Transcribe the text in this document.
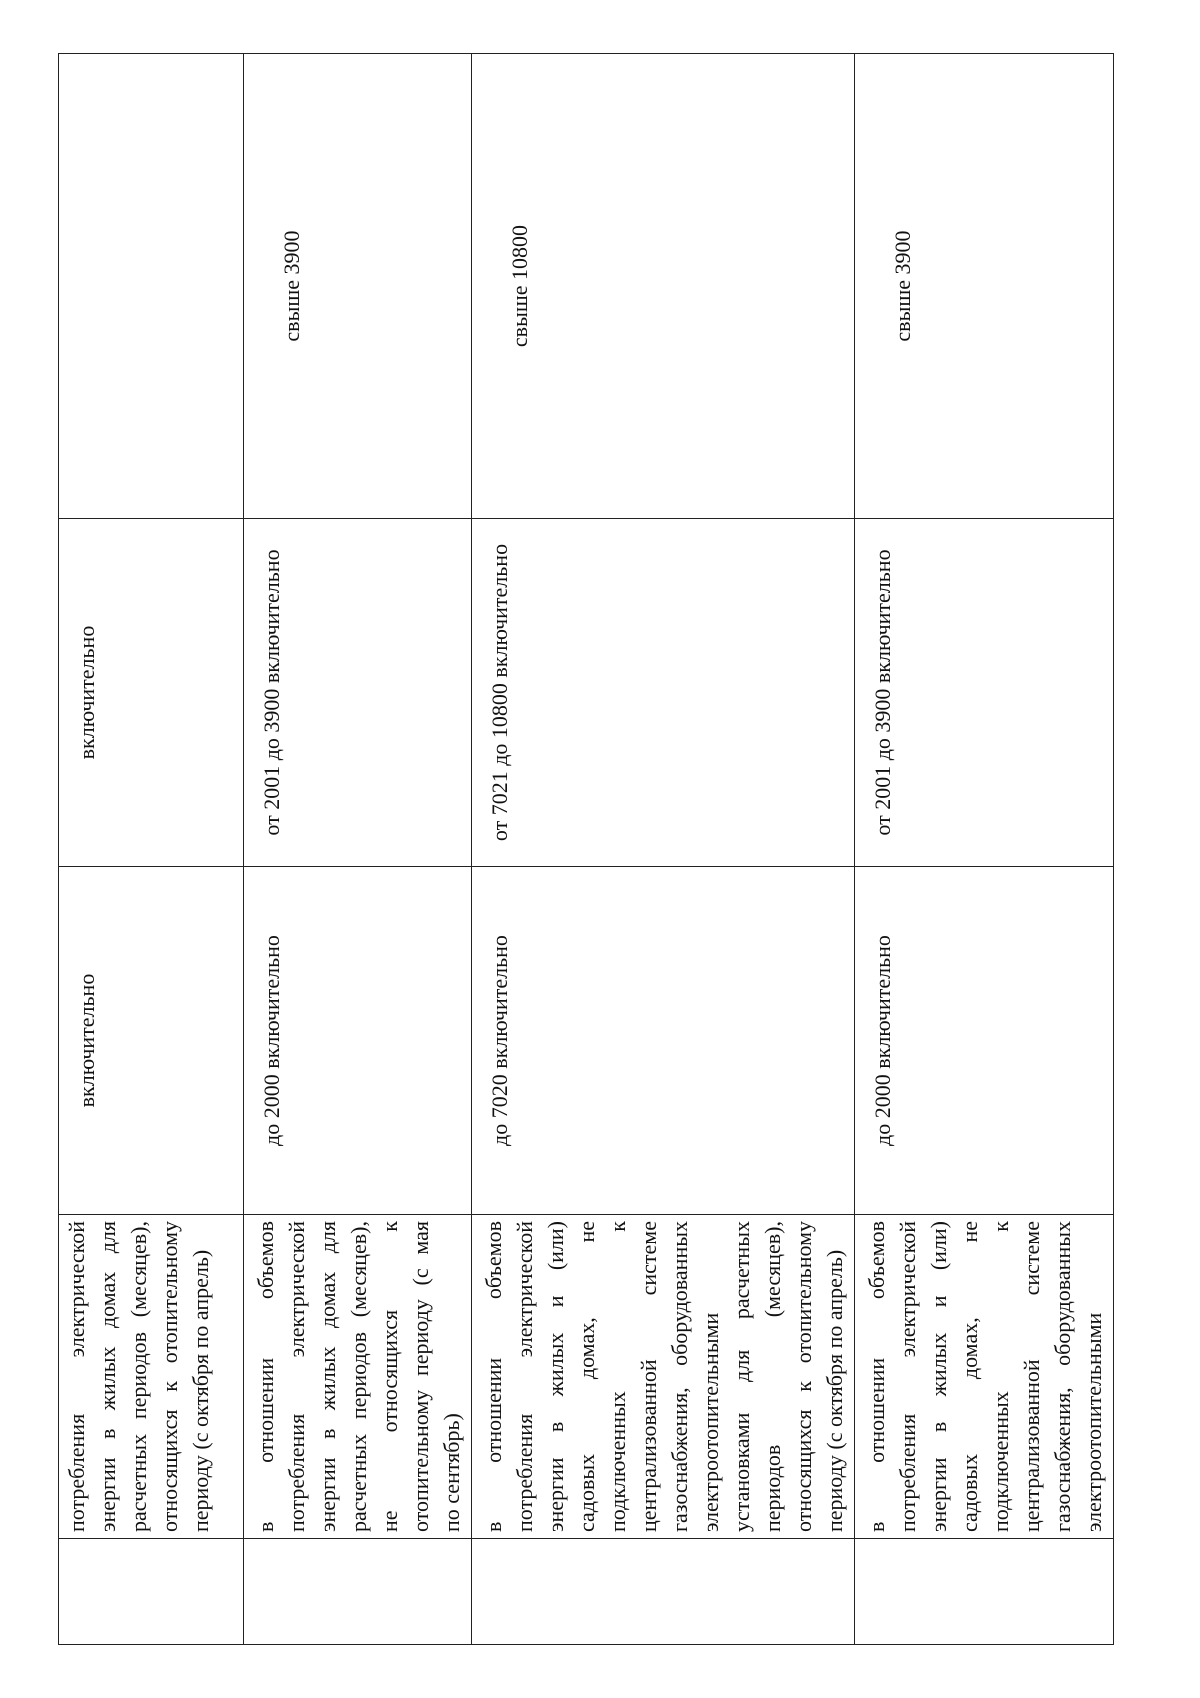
	потребления электрической энергии в жилых домах для расчетных периодов (месяцев), относящихся к отопительному периоду (с октября по апрель)	включительно	включительно	
	в отношении объемов потребления электрической энергии в жилых домах для расчетных периодов (месяцев), не относящихся к отопительному периоду (с мая по сентябрь)	до 2000 включительно	от 2001 до 3900 включительно	свыше 3900
	в отношении объемов потребления электрической энергии в жилых и (или) садовых домах, не подключенных к централизованной системе газоснабжения, оборудованных электроотопительными установками для расчетных периодов (месяцев), относящихся к отопительному периоду (с октября по апрель)	до 7020 включительно	от 7021 до 10800 включительно	свыше 10800
	в отношении объемов потребления электрической энергии в жилых и (или) садовых домах, не подключенных к централизованной системе газоснабжения, оборудованных электроотопительными	до 2000 включительно	от 2001 до 3900 включительно	свыше 3900
